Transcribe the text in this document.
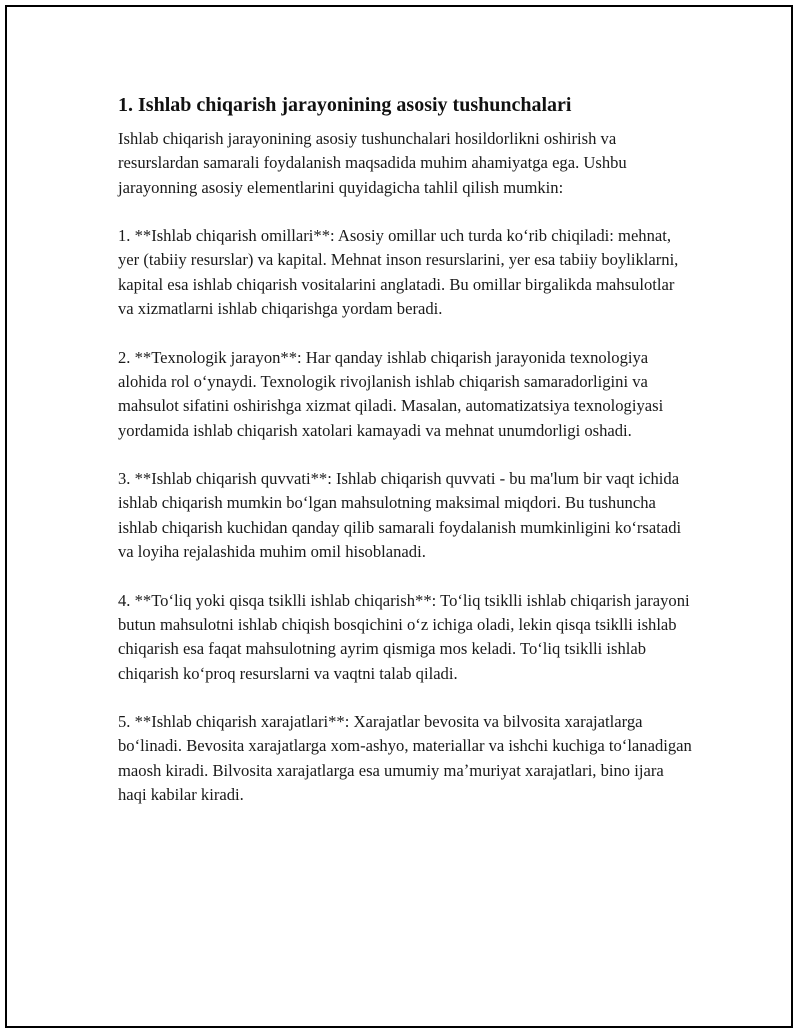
1. Ishlab chiqarish jarayonining asosiy tushunchalari

Ishlab chiqarish jarayonining asosiy tushunchalari hosildorlikni oshirish va resurslardan samarali foydalanish maqsadida muhim ahamiyatga ega. Ushbu jarayonning asosiy elementlarini quyidagicha tahlil qilish mumkin:

1. **Ishlab chiqarish omillari**: Asosiy omillar uch turda koʻrib chiqiladi: mehnat, yer (tabiiy resurslar) va kapital. Mehnat inson resurslarini, yer esa tabiiy boyliklarni, kapital esa ishlab chiqarish vositalarini anglatadi. Bu omillar birgalikda mahsulotlar va xizmatlarni ishlab chiqarishga yordam beradi.

2. **Texnologik jarayon**: Har qanday ishlab chiqarish jarayonida texnologiya alohida rol oʻynaydi. Texnologik rivojlanish ishlab chiqarish samaradorligini va mahsulot sifatini oshirishga xizmat qiladi. Masalan, automatizatsiya texnologiyasi yordamida ishlab chiqarish xatolari kamayadi va mehnat unumdorligi oshadi.

3. **Ishlab chiqarish quvvati**: Ishlab chiqarish quvvati - bu ma'lum bir vaqt ichida ishlab chiqarish mumkin boʻlgan mahsulotning maksimal miqdori. Bu tushuncha ishlab chiqarish kuchidan qanday qilib samarali foydalanish mumkinligini koʻrsatadi va loyiha rejalashida muhim omil hisoblanadi.

4. **Toʻliq yoki qisqa tsiklli ishlab chiqarish**: Toʻliq tsiklli ishlab chiqarish jarayoni butun mahsulotni ishlab chiqish bosqichini oʻz ichiga oladi, lekin qisqa tsiklli ishlab chiqarish esa faqat mahsulotning ayrim qismiga mos keladi. Toʻliq tsiklli ishlab chiqarish koʻproq resurslarni va vaqtni talab qiladi.

5. **Ishlab chiqarish xarajatlari**: Xarajatlar bevosita va bilvosita xarajatlarga boʻlinadi. Bevosita xarajatlarga xom-ashyo, materiallar va ishchi kuchiga toʻlanadigan maosh kiradi. Bilvosita xarajatlarga esa umumiy maʼmuriyat xarajatlari, bino ijara haqi kabilar kiradi.
